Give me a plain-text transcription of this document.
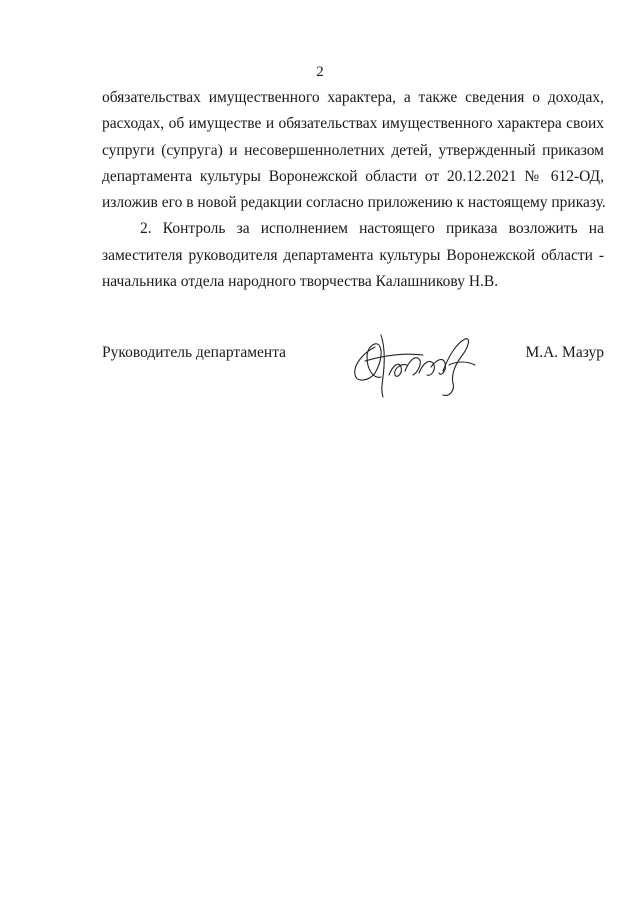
2
обязательствах имущественного характера, а также сведения о доходах,
расходах, об имуществе и обязательствах имущественного характера своих
супруги (супруга) и несовершеннолетних детей, утвержденный приказом
департамента культуры Воронежской области от 20.12.2021 № 612-ОД,
изложив его в новой редакции согласно приложению к настоящему приказу.
2. Контроль за исполнением настоящего приказа возложить на
заместителя руководителя департамента культуры Воронежской области -
начальника отдела народного творчества Калашникову Н.В.
Руководитель департамента	М.А. Мазур
